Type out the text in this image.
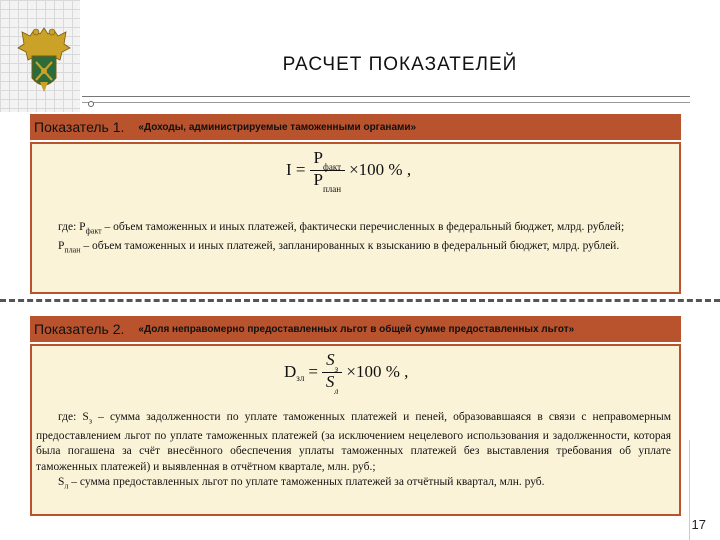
РАСЧЕТ ПОКАЗАТЕЛЕЙ
Показатель 1. «Доходы, администрируемые таможенными органами»
$I = \frac{P_{факт}}{P_{план}} \times 100$ % ,

где: $P_{факт}$ – объем таможенных и иных платежей, фактически перечисленных в федеральный бюджет, млрд. рублей;

$P_{план}$ – объем таможенных и иных платежей, запланированных к взысканию в федеральный бюджет, млрд. рублей.

Показатель 2. «Доля неправомерно предоставленных льгот в общей сумме предоставленных льгот»
D зл = $\frac{S_з}{S_л} \times 100$ % ,

где: $S_з$ – сумма задолженности по уплате таможенных платежей и пеней, образовавшаяся в связи с неправомерным предоставлением льгот по уплате таможенных платежей (за исключением нецелевого использования и задолженности, которая была погашена за счёт внесённого обеспечения уплаты таможенных платежей без выставления требования об уплате таможенных платежей) и выявленная в отчётном квартале, млн. руб.;

$S_л$ – сумма предоставленных льгот по уплате таможенных платежей за отчётный квартал, млн. руб.

17
